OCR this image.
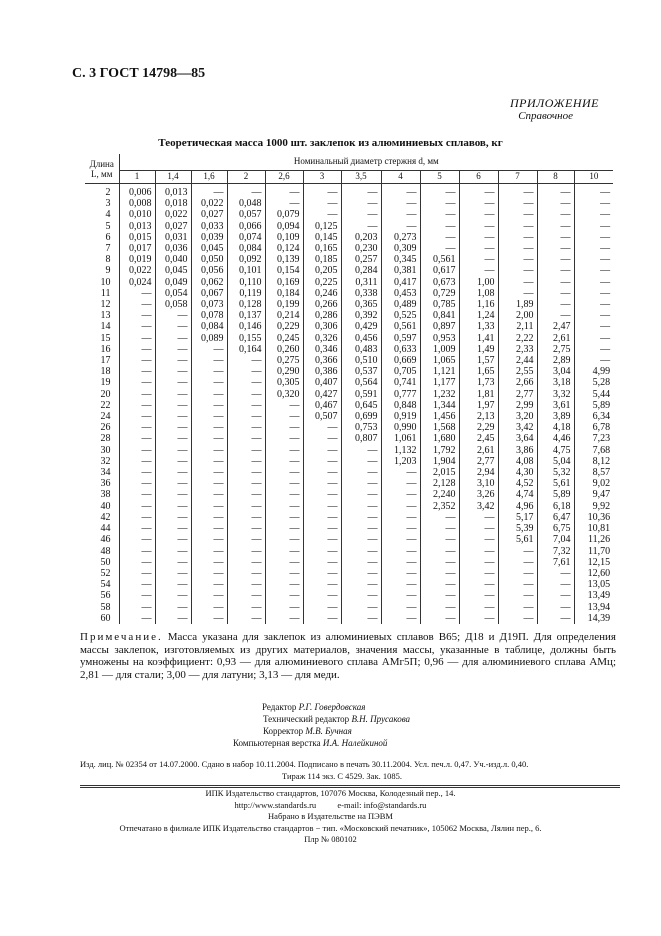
С. 3 ГОСТ 14798—85
ПРИЛОЖЕНИЕ
Справочное
Теоретическая масса 1000 шт. заклепок из алюминиевых сплавов, кг
Длина
L, мм	Номинальный диаметр стержня d, мм												
	1	1,4	1,6	2	2,6	3	3,5	4	5	6	7	8	10
2	0,006	0,013	—	—	—	—	—	—	—	—	—	—	—
3	0,008	0,018	0,022	0,048	—	—	—	—	—	—	—	—	—
4	0,010	0,022	0,027	0,057	0,079	—	—	—	—	—	—	—	—
5	0,013	0,027	0,033	0,066	0,094	0,125	—	—	—	—	—	—	—
6	0,015	0,031	0,039	0,074	0,109	0,145	0,203	0,273	—	—	—	—	—
7	0,017	0,036	0,045	0,084	0,124	0,165	0,230	0,309	—	—	—	—	—
8	0,019	0,040	0,050	0,092	0,139	0,185	0,257	0,345	0,561	—	—	—	—
9	0,022	0,045	0,056	0,101	0,154	0,205	0,284	0,381	0,617	—	—	—	—
10	0,024	0,049	0,062	0,110	0,169	0,225	0,311	0,417	0,673	1,00	—	—	—
11	—	0,054	0,067	0,119	0,184	0,246	0,338	0,453	0,729	1,08	—	—	—
12	—	0,058	0,073	0,128	0,199	0,266	0,365	0,489	0,785	1,16	1,89	—	—
13	—	—	0,078	0,137	0,214	0,286	0,392	0,525	0,841	1,24	2,00	—	—
14	—	—	0,084	0,146	0,229	0,306	0,429	0,561	0,897	1,33	2,11	2,47	—
15	—	—	0,089	0,155	0,245	0,326	0,456	0,597	0,953	1,41	2,22	2,61	—
16	—	—	—	0,164	0,260	0,346	0,483	0,633	1,009	1,49	2,33	2,75	—
17	—	—	—	—	0,275	0,366	0,510	0,669	1,065	1,57	2,44	2,89	—
18	—	—	—	—	0,290	0,386	0,537	0,705	1,121	1,65	2,55	3,04	4,99
19	—	—	—	—	0,305	0,407	0,564	0,741	1,177	1,73	2,66	3,18	5,28
20	—	—	—	—	0,320	0,427	0,591	0,777	1,232	1,81	2,77	3,32	5,44
22	—	—	—	—	—	0,467	0,645	0,848	1,344	1,97	2,99	3,61	5,89
24	—	—	—	—	—	0,507	0,699	0,919	1,456	2,13	3,20	3,89	6,34
26	—	—	—	—	—	—	0,753	0,990	1,568	2,29	3,42	4,18	6,78
28	—	—	—	—	—	—	0,807	1,061	1,680	2,45	3,64	4,46	7,23
30	—	—	—	—	—	—	—	1,132	1,792	2,61	3,86	4,75	7,68
32	—	—	—	—	—	—	—	1,203	1,904	2,77	4,08	5,04	8,12
34	—	—	—	—	—	—	—	—	2,015	2,94	4,30	5,32	8,57
36	—	—	—	—	—	—	—	—	2,128	3,10	4,52	5,61	9,02
38	—	—	—	—	—	—	—	—	2,240	3,26	4,74	5,89	9,47
40	—	—	—	—	—	—	—	—	2,352	3,42	4,96	6,18	9,92
42	—	—	—	—	—	—	—	—	—	—	5,17	6,47	10,36
44	—	—	—	—	—	—	—	—	—	—	5,39	6,75	10,81
46	—	—	—	—	—	—	—	—	—	—	5,61	7,04	11,26
48	—	—	—	—	—	—	—	—	—	—	—	7,32	11,70
50	—	—	—	—	—	—	—	—	—	—	—	7,61	12,15
52	—	—	—	—	—	—	—	—	—	—	—	—	12,60
54	—	—	—	—	—	—	—	—	—	—	—	—	13,05
56	—	—	—	—	—	—	—	—	—	—	—	—	13,49
58	—	—	—	—	—	—	—	—	—	—	—	—	13,94
60	—	—	—	—	—	—	—	—	—	—	—	—	14,39
Примечание. Масса указана для заклепок из алюминиевых сплавов В65; Д18 и Д19П. Для определения массы заклепок, изготовляемых из других материалов, значения массы, указанные в таблице, должны быть умножены на коэффициент: 0,93 — для алюминиевого сплава АМг5П; 0,96 — для алюминиевого сплава АМц; 2,81 — для стали; 3,00 — для латуни; 3,13 — для меди.
Редактор Р.Г. Говердовская
Технический редактор В.Н. Прусакова
Корректор М.В. Бучная
Компьютерная верстка И.А. Налейкиной
Изд. лиц. № 02354 от 14.07.2000. Сдано в набор 10.11.2004. Подписано в печать 30.11.2004. Усл. печ.л. 0,47. Уч.-изд.л. 0,40.
Тираж 114 экз. С 4529. Зак. 1085.
ИПК Издательство стандартов, 107076 Москва, Колодезный пер., 14.
http://www.standards.ru          e-mail: info@standards.ru
Набрано в Издательстве на ПЭВМ
Отпечатано в филиале ИПК Издательство стандартов − тип. «Московский печатник», 105062 Москва, Лялин пер., 6.
Плр № 080102
